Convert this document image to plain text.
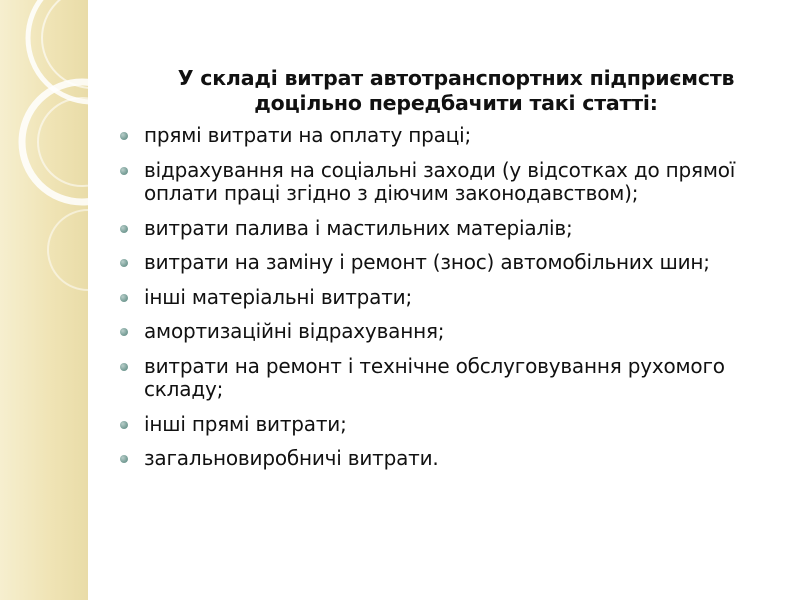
У складі витрат автотранспортних підприємств доцільно передбачити такі статті:

прямі витрати на оплату праці;
відрахування на соціальні заходи (у відсотках до прямої оплати праці згідно з діючим законодавством);
витрати палива і мастильних матеріалів;
витрати на заміну і ремонт (знос) автомобільних шин;
інші матеріальні витрати;
амортизаційні відрахування;
витрати на ремонт і технічне обслуговування рухомого складу;
інші прямі витрати;
загальновиробничі витрати.
